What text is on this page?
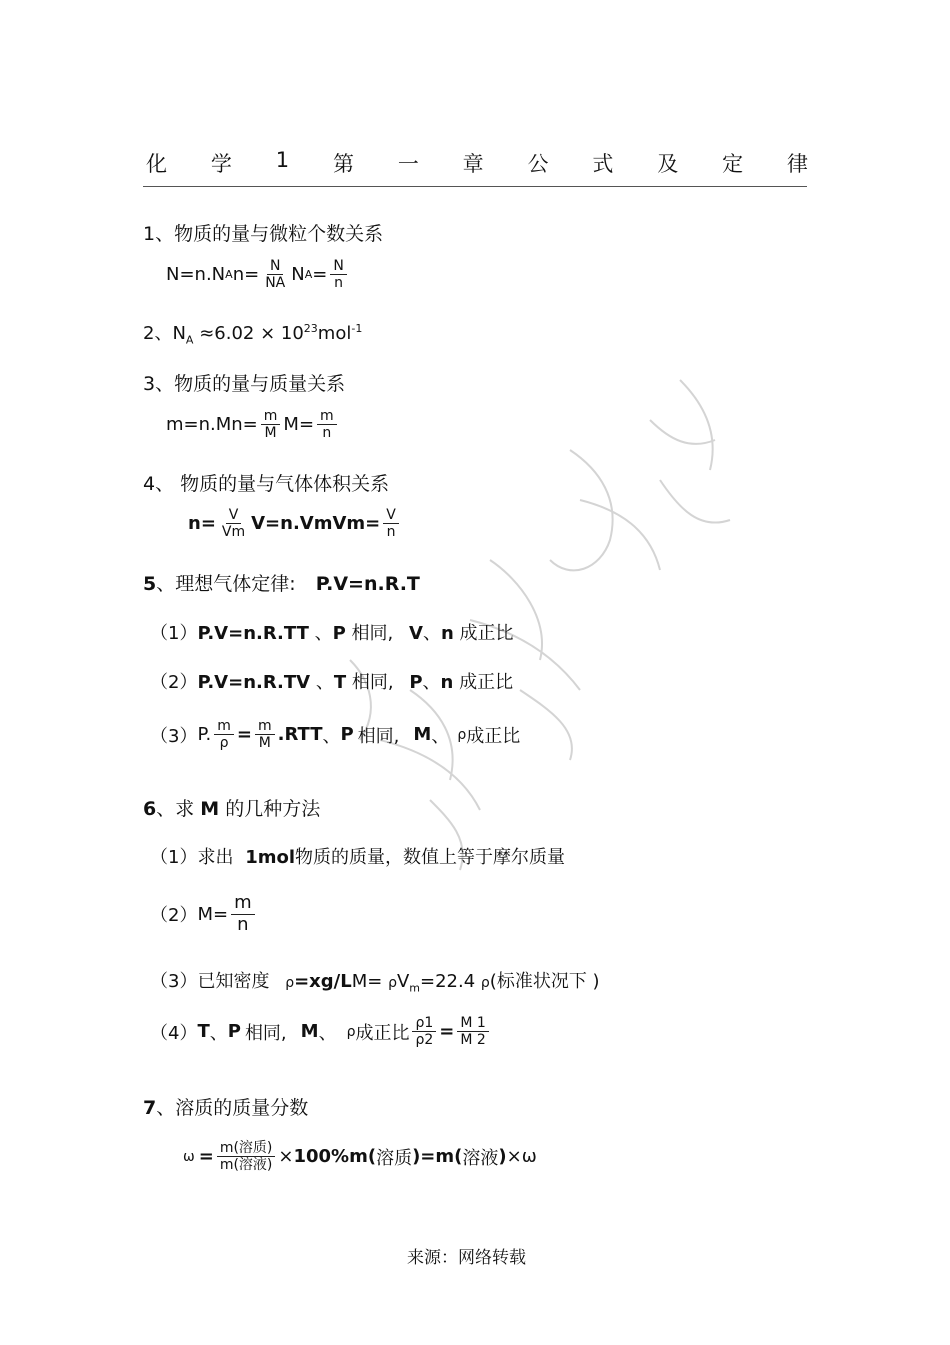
化 学 1 第 一 章 公 式 及 定 律
1、物质的量与微粒个数关系
N=n.N A $n= \frac{N}{NA}$ N $A = \frac{N}{n}$
2、$N_A \approx 6.02 \times 10^{23}mol^{-1}$
3、物质的量与质量关系
$m=n.Mn= \frac{m}{M} M= \frac{m}{n}$
4、 物质的量与气体体积关系
$n= \frac{V}{Vm}$ V=n.VmVm= $\frac{V}{n}$
5、理想气体定律: P.V=n.R.T
（1）P.V=n.R.TT 、P 相同, V、n 成正比
（2）P.V=n.R.TV 、T 相同, P、n 成正比
（3） P. $\frac{m}{\rho} = \frac{m}{M} .RTT$ 、 P 相同, M 、 ρ 成正比
6、求 M 的几种方法
（1）求出 1mol物质的质量，数值上等于摩尔质量
（2） $M= \frac{m}{n}$
（3）已知密度 $\rho=xg/LM= \rho V_m=22.4$ ρ(标准状况下 )
（4） T 、 P 相同, M 、 ρ 成正比 $\frac{\rho 1}{\rho 2} = \frac{M 1}{M 2}$
7、溶质的质量分数
$\omega = \frac{\text{m(溶质)}}{\text{m(溶液)}} \times 100\%$ m( 溶质 )=m( 溶液 ) ×ω
来源：网络转载
